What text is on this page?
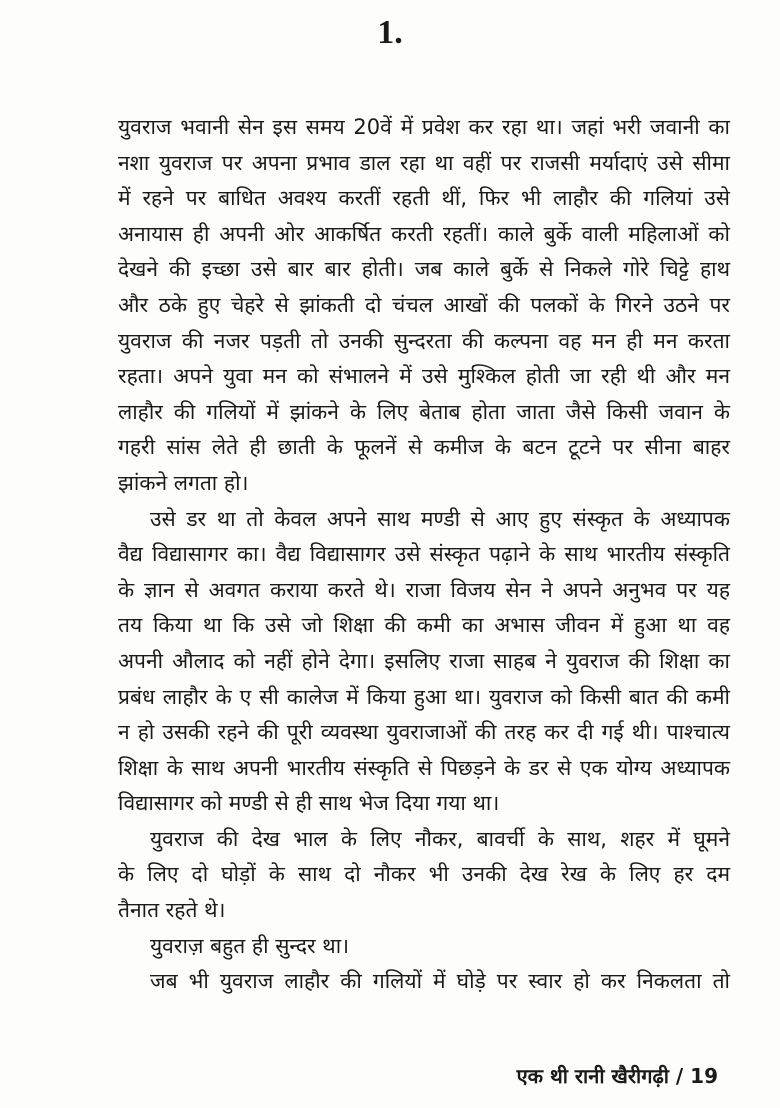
1.
युवराज भवानी सेन इस समय 20वें में प्रवेश कर रहा था। जहां भरी जवानी का
नशा युवराज पर अपना प्रभाव डाल रहा था वहीं पर राजसी मर्यादाएं उसे सीमा
में रहने पर बाधित अवश्य करतीं रहती थीं, फिर भी लाहौर की गलियां उसे
अनायास ही अपनी ओर आकर्षित करती रहतीं। काले बुर्के वाली महिलाओं को
देखने की इच्छा उसे बार बार होती। जब काले बुर्के से निकले गोरे चिट्टे हाथ
और ठके हुए चेहरे से झांकती दो चंचल आखों की पलकों के गिरने उठने पर
युवराज की नजर पड़ती तो उनकी सुन्दरता की कल्पना वह मन ही मन करता
रहता। अपने युवा मन को संभालने में उसे मुश्किल होती जा रही थी और मन
लाहौर की गलियों में झांकने के लिए बेताब होता जाता जैसे किसी जवान के
गहरी सांस लेते ही छाती के फूलनें से कमीज के बटन टूटने पर सीना बाहर
झांकने लगता हो।
उसे डर था तो केवल अपने साथ मण्डी से आए हुए संस्कृत के अध्यापक
वैद्य विद्यासागर का। वैद्य विद्यासागर उसे संस्कृत पढ़ाने के साथ भारतीय संस्कृति
के ज्ञान से अवगत कराया करते थे। राजा विजय सेन ने अपने अनुभव पर यह
तय किया था कि उसे जो शिक्षा की कमी का अभास जीवन में हुआ था वह
अपनी औलाद को नहीं होने देगा। इसलिए राजा साहब ने युवराज की शिक्षा का
प्रबंध लाहौर के ए सी कालेज में किया हुआ था। युवराज को किसी बात की कमी
न हो उसकी रहने की पूरी व्यवस्था युवराजाओं की तरह कर दी गई थी। पाश्चात्य
शिक्षा के साथ अपनी भारतीय संस्कृति से पिछड़ने के डर से एक योग्य अध्यापक
विद्यासागर को मण्डी से ही साथ भेज दिया गया था।
युवराज की देख भाल के लिए नौकर, बावर्ची के साथ, शहर में घूमने
के लिए दो घोड़ों के साथ दो नौकर भी उनकी देख रेख के लिए हर दम
तैनात रहते थे।
युवराज़ बहुत ही सुन्दर था।
जब भी युवराज लाहौर की गलियों में घोड़े पर स्वार हो कर निकलता तो
एक थी रानी खैरीगढ़ी / 19
